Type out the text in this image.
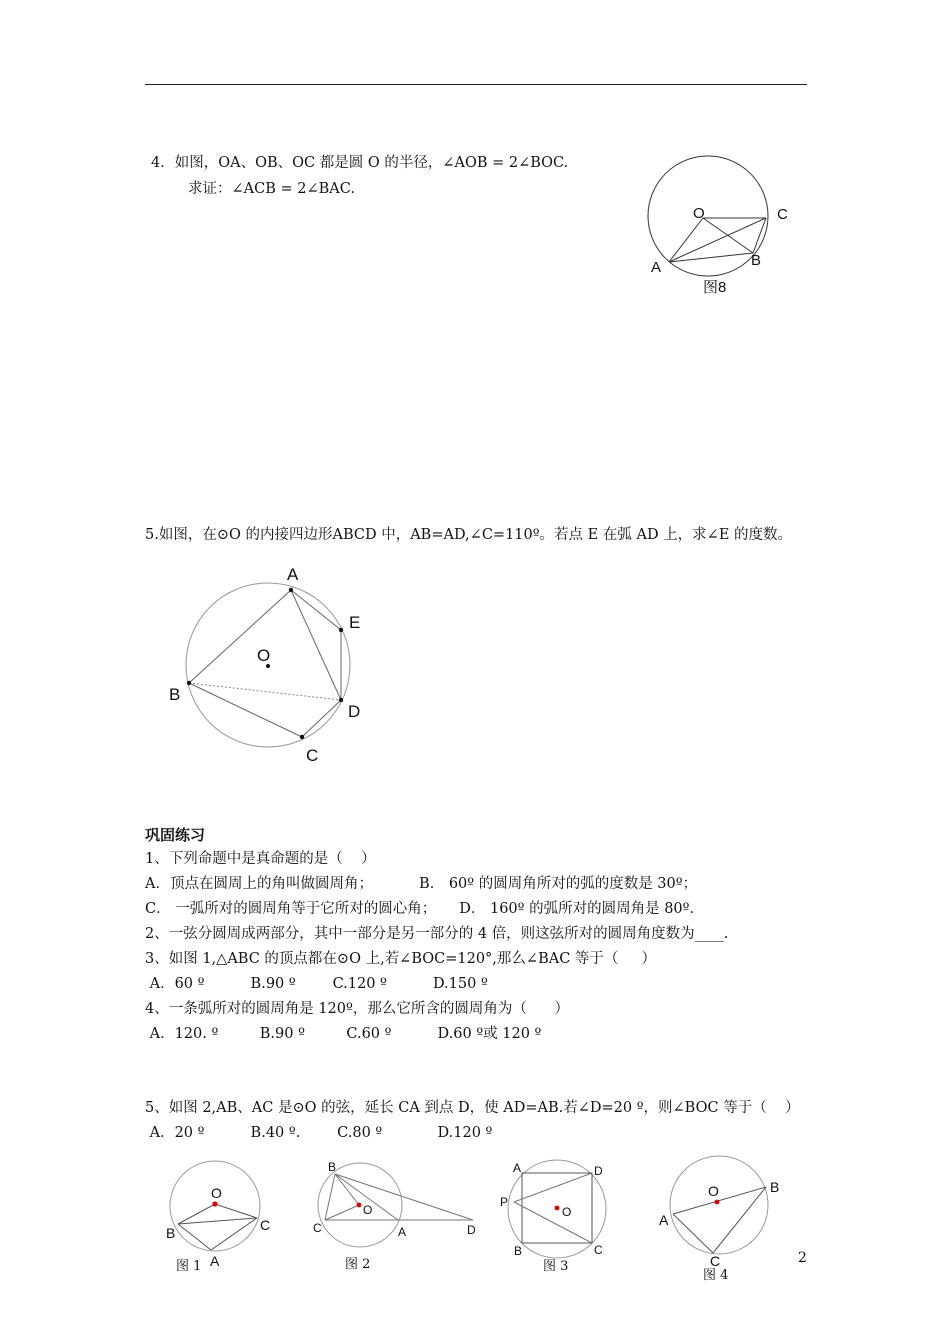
4．如图，OA、OB、OC 都是圆 O 的半径，∠AOB = 2∠BOC.
求证：∠ACB = 2∠BAC.
O	C
A	B
图8
A
E
O
B
D
C
O
B	C
A
图 1
B
O
C	A	D
图 2
A	D
P
O
B	C
图 3
O	B
A
C
图 4
2
5.如图，在⊙O 的内接四边形ABCD 中，AB=AD,∠C=110º。若点 E 在弧 AD 上，求∠E 的度数。
巩固练习
1、下列命题中是真命题的是（    ）
A．顶点在圆周上的角叫做圆周角；          B． 60º 的圆周角所对的弧的度数是 30º；
C． 一弧所对的圆周角等于它所对的圆心角；     D． 160º 的弧所对的圆周角是 80º．
2、一弦分圆周成两部分，其中一部分是另一部分的 4 倍，则这弦所对的圆周角度数为____.
3、如图 1,△ABC 的顶点都在⊙O 上,若∠BOC=120°,那么∠BAC 等于（     ）
A．60 º          B.90 º        C.120 º          D.150 º
4、一条弧所对的圆周角是 120º，那么它所含的圆周角为（      ）
A．120. º         B.90 º         C.60 º          D.60 º或 120 º
5、如图 2,AB、AC 是⊙O 的弦，延长 CA 到点 D，使 AD=AB.若∠D=20 º，则∠BOC 等于（    ）
A．20 º          B.40 º.        C.80 º            D.120 º
